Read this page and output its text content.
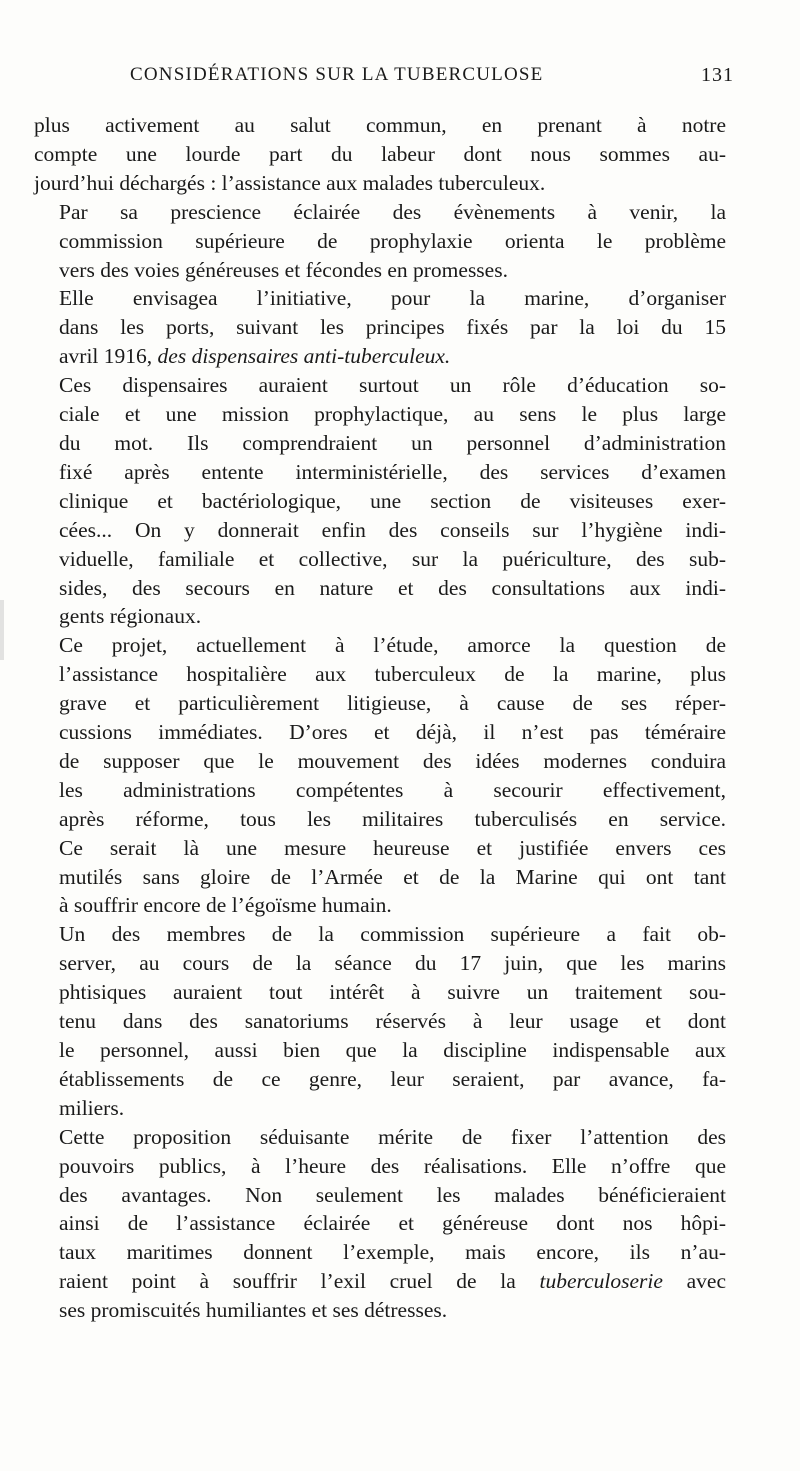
CONSIDÉRATIONS SUR LA TUBERCULOSE	131

plus activement au salut commun, en prenant à notre
compte une lourde part du labeur dont nous sommes au-
jourd’hui déchargés : l’assistance aux malades tuberculeux.

Par sa prescience éclairée des évènements à venir, la
commission supérieure de prophylaxie orienta le problème
vers des voies généreuses et fécondes en promesses.

Elle envisagea l’initiative, pour la marine, d’organiser
dans les ports, suivant les principes fixés par la loi du 15
avril 1916, des dispensaires anti-tuberculeux.

Ces dispensaires auraient surtout un rôle d’éducation so-
ciale et une mission prophylactique, au sens le plus large
du mot. Ils comprendraient un personnel d’administration
fixé après entente interministérielle, des services d’examen
clinique et bactériologique, une section de visiteuses exer-
cées... On y donnerait enfin des conseils sur l’hygiène indi-
viduelle, familiale et collective, sur la puériculture, des sub-
sides, des secours en nature et des consultations aux indi-
gents régionaux.

Ce projet, actuellement à l’étude, amorce la question de
l’assistance hospitalière aux tuberculeux de la marine, plus
grave et particulièrement litigieuse, à cause de ses réper-
cussions immédiates. D’ores et déjà, il n’est pas téméraire
de supposer que le mouvement des idées modernes conduira
les administrations compétentes à secourir effectivement,
après réforme, tous les militaires tuberculisés en service.
Ce serait là une mesure heureuse et justifiée envers ces
mutilés sans gloire de l’Armée et de la Marine qui ont tant
à souffrir encore de l’égoïsme humain.

Un des membres de la commission supérieure a fait ob-
server, au cours de la séance du 17 juin, que les marins
phtisiques auraient tout intérêt à suivre un traitement sou-
tenu dans des sanatoriums réservés à leur usage et dont
le personnel, aussi bien que la discipline indispensable aux
établissements de ce genre, leur seraient, par avance, fa-
miliers.

Cette proposition séduisante mérite de fixer l’attention des
pouvoirs publics, à l’heure des réalisations. Elle n’offre que
des avantages. Non seulement les malades bénéficieraient
ainsi de l’assistance éclairée et généreuse dont nos hôpi-
taux maritimes donnent l’exemple, mais encore, ils n’au-
raient point à souffrir l’exil cruel de la tuberculoserie avec
ses promiscuités humiliantes et ses détresses.
